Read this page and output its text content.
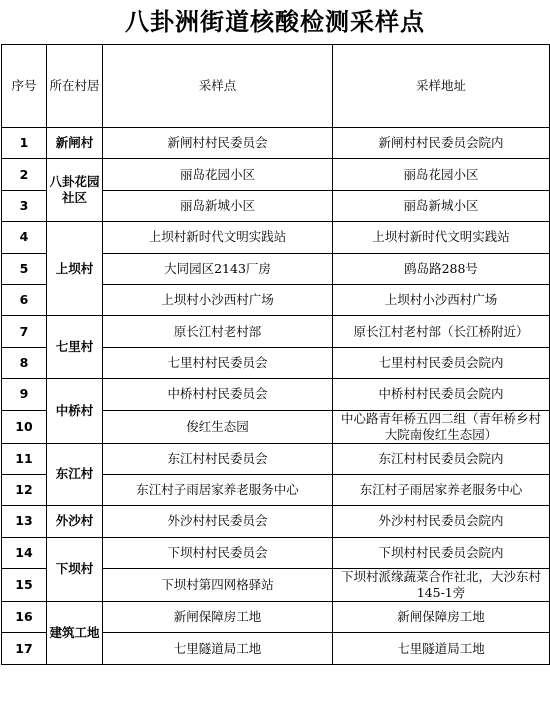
八卦洲街道核酸检测采样点
序号	所在村居	采样点	采样地址
1	新闸村	新闸村村民委员会	新闸村村民委员会院内
2	八卦花园社区	丽岛花园小区	丽岛花园小区
3		丽岛新城小区	丽岛新城小区
4	上坝村	上坝村新时代文明实践站	上坝村新时代文明实践站
5		大同园区2143厂房	鸥岛路288号
6		上坝村小沙西村广场	上坝村小沙西村广场
7	七里村	原长江村老村部	原长江村老村部（长江桥附近）
8		七里村村民委员会	七里村村民委员会院内
9	中桥村	中桥村村民委员会	中桥村村民委员会院内
10		俊红生态园	中心路青年桥五四二组（青年桥乡村大院南俊红生态园）
11	东江村	东江村村民委员会	东江村村民委员会院内
12		东江村子雨居家养老服务中心	东江村子雨居家养老服务中心
13	外沙村	外沙村村民委员会	外沙村村民委员会院内
14	下坝村	下坝村村民委员会	下坝村村民委员会院内
15		下坝村第四网格驿站	下坝村派缘蔬菜合作社北，大沙东村145-1旁
16	建筑工地	新闸保障房工地	新闸保障房工地
17		七里隧道局工地	七里隧道局工地
